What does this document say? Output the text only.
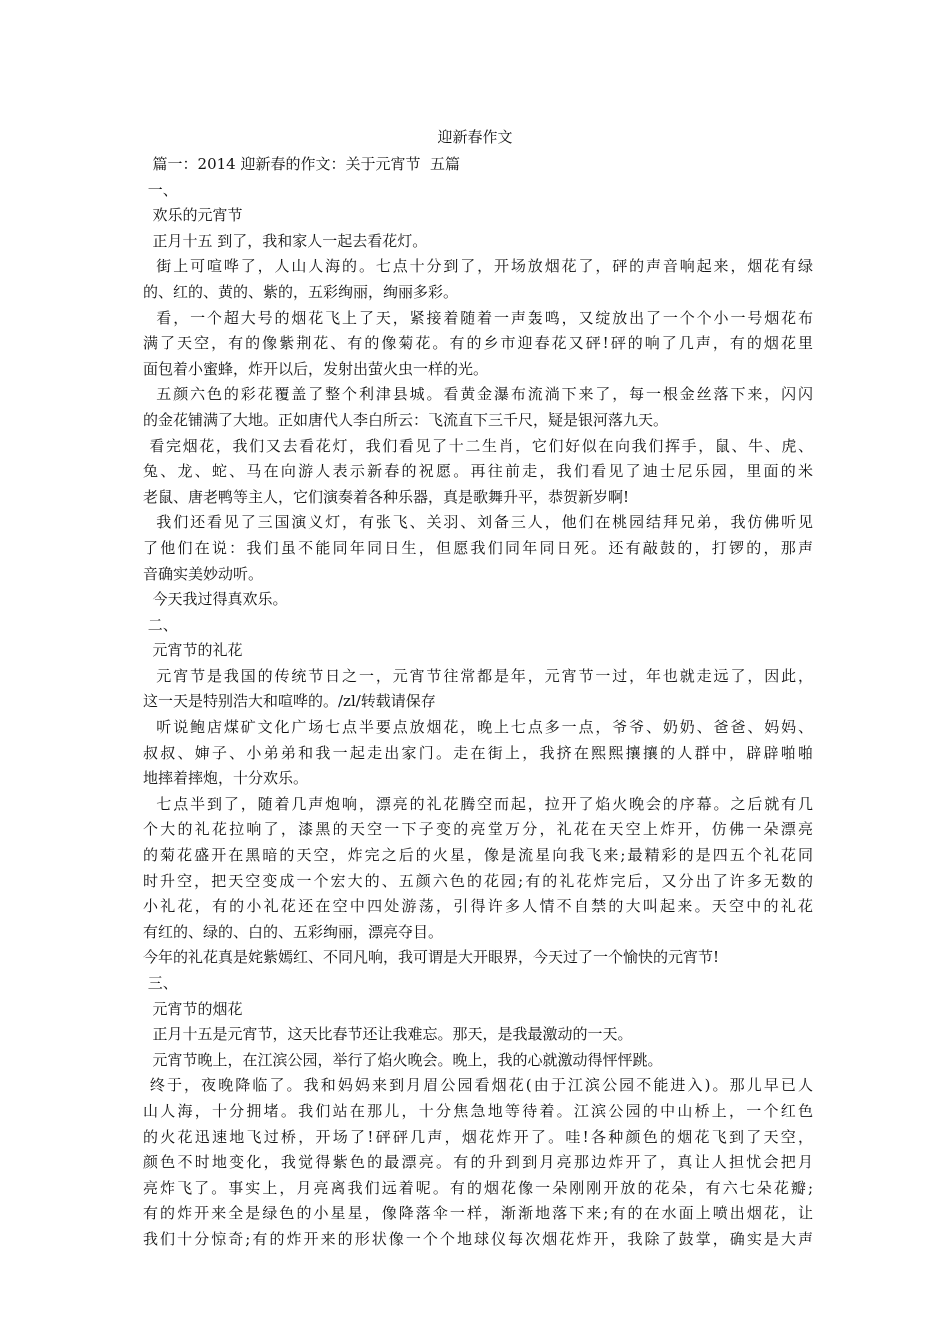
迎新春作文
篇一：2014 迎新春的作文：关于元宵节  五篇
一、
欢乐的元宵节
正月十五 到了，我和家人一起去看花灯。
街上可喧哗了，人山人海的。七点十分到了，开场放烟花了，砰的声音响起来，烟花有绿
的、红的、黄的、紫的，五彩绚丽，绚丽多彩。
看，一个超大号的烟花飞上了天，紧接着随着一声轰鸣，又绽放出了一个个小一号烟花布
满了天空，有的像紫荆花、有的像菊花。有的乡市迎春花又砰!砰的响了几声，有的烟花里
面包着小蜜蜂，炸开以后，发射出萤火虫一样的光。
五颜六色的彩花覆盖了整个利津县城。看黄金瀑布流淌下来了，每一根金丝落下来，闪闪
的金花铺满了大地。正如唐代人李白所云：飞流直下三千尺，疑是银河落九天。
看完烟花，我们又去看花灯，我们看见了十二生肖，它们好似在向我们挥手，鼠、牛、虎、
兔、龙、蛇、马在向游人表示新春的祝愿。再往前走，我们看见了迪士尼乐园，里面的米
老鼠、唐老鸭等主人，它们演奏着各种乐器，真是歌舞升平，恭贺新岁啊!
我们还看见了三国演义灯，有张飞、关羽、刘备三人，他们在桃园结拜兄弟，我仿佛听见
了他们在说：我们虽不能同年同日生，但愿我们同年同日死。还有敲鼓的，打锣的，那声
音确实美妙动听。
今天我过得真欢乐。
二、
元宵节的礼花
元宵节是我国的传统节日之一，元宵节往常都是年，元宵节一过，年也就走远了，因此，
这一天是特别浩大和喧哗的。/zl/转载请保存
听说鲍店煤矿文化广场七点半要点放烟花，晚上七点多一点，爷爷、奶奶、爸爸、妈妈、
叔叔、婶子、小弟弟和我一起走出家门。走在街上，我挤在熙熙攘攘的人群中，辟辟啪啪
地摔着摔炮，十分欢乐。
七点半到了，随着几声炮响，漂亮的礼花腾空而起，拉开了焰火晚会的序幕。之后就有几
个大的礼花拉响了，漆黑的天空一下子变的亮堂万分，礼花在天空上炸开，仿佛一朵漂亮
的菊花盛开在黑暗的天空，炸完之后的火星，像是流星向我飞来;最精彩的是四五个礼花同
时升空，把天空变成一个宏大的、五颜六色的花园;有的礼花炸完后，又分出了许多无数的
小礼花，有的小礼花还在空中四处游荡，引得许多人情不自禁的大叫起来。天空中的礼花
有红的、绿的、白的、五彩绚丽，漂亮夺目。
今年的礼花真是姹紫嫣红、不同凡响，我可谓是大开眼界，今天过了一个愉快的元宵节!
三、
元宵节的烟花
正月十五是元宵节，这天比春节还让我难忘。那天，是我最激动的一天。
元宵节晚上，在江滨公园，举行了焰火晚会。晚上，我的心就激动得怦怦跳。
终于，夜晚降临了。我和妈妈来到月眉公园看烟花(由于江滨公园不能进入)。那儿早已人
山人海，十分拥堵。我们站在那儿，十分焦急地等待着。江滨公园的中山桥上，一个红色
的火花迅速地飞过桥，开场了!砰砰几声，烟花炸开了。哇!各种颜色的烟花飞到了天空，
颜色不时地变化，我觉得紫色的最漂亮。有的升到到月亮那边炸开了，真让人担忧会把月
亮炸飞了。事实上，月亮离我们远着呢。有的烟花像一朵刚刚开放的花朵，有六七朵花瓣;
有的炸开来全是绿色的小星星，像降落伞一样，渐渐地落下来;有的在水面上喷出烟花，让
我们十分惊奇;有的炸开来的形状像一个个地球仪每次烟花炸开，我除了鼓掌，确实是大声
